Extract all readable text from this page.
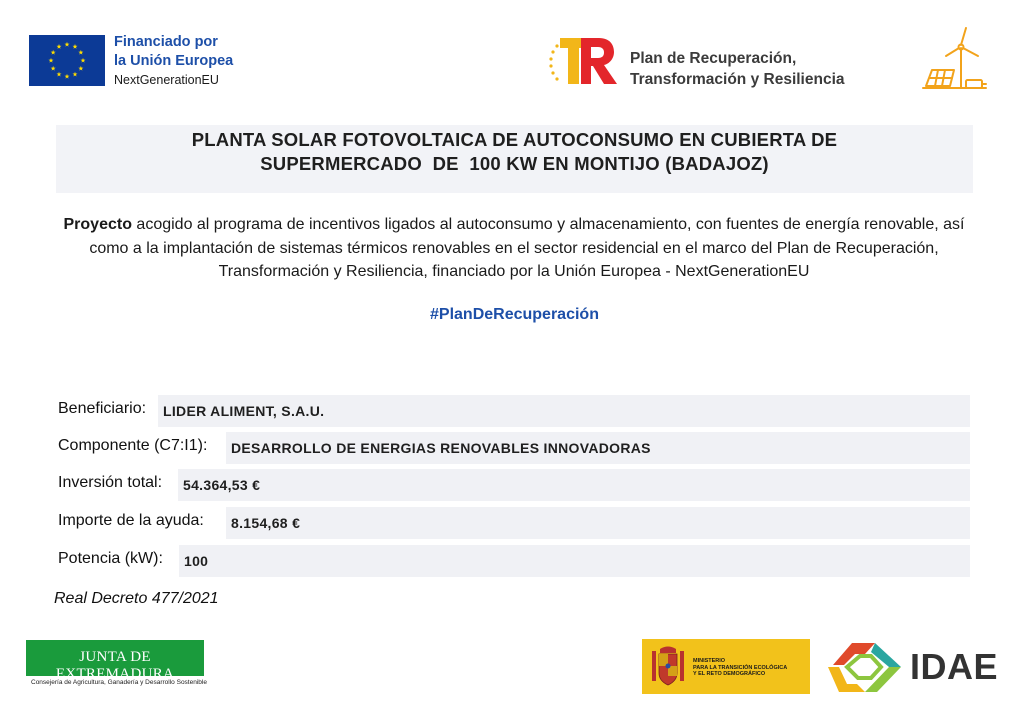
Financiado por
la Unión Europea
NextGenerationEU
Plan de Recuperación,
Transformación y Resiliencia
PLANTA SOLAR FOTOVOLTAICA DE AUTOCONSUMO EN CUBIERTA DE
SUPERMERCADO  DE  100 KW EN MONTIJO (BADAJOZ)
Proyecto acogido al programa de incentivos ligados al autoconsumo y almacenamiento, con fuentes de energía renovable, así como a la implantación de sistemas térmicos renovables en el sector residencial en el marco del Plan de Recuperación, Transformación y Resiliencia, financiado por la Unión Europea - NextGenerationEU
#PlanDeRecuperación
Beneficiario: LIDER ALIMENT, S.A.U.
Componente (C7:I1): DESARROLLO DE ENERGIAS RENOVABLES INNOVADORAS
Inversión total: 54.364,53 €
Importe de la ayuda: 8.154,68 €
Potencia (kW): 100
Real Decreto 477/2021
JUNTA DE EXTREMADURA
Consejería de Agricultura, Ganadería y Desarrollo Sostenible
MINISTERIO
PARA LA TRANSICIÓN ECOLÓGICA
Y EL RETO DEMOGRÁFICO	IDAE
